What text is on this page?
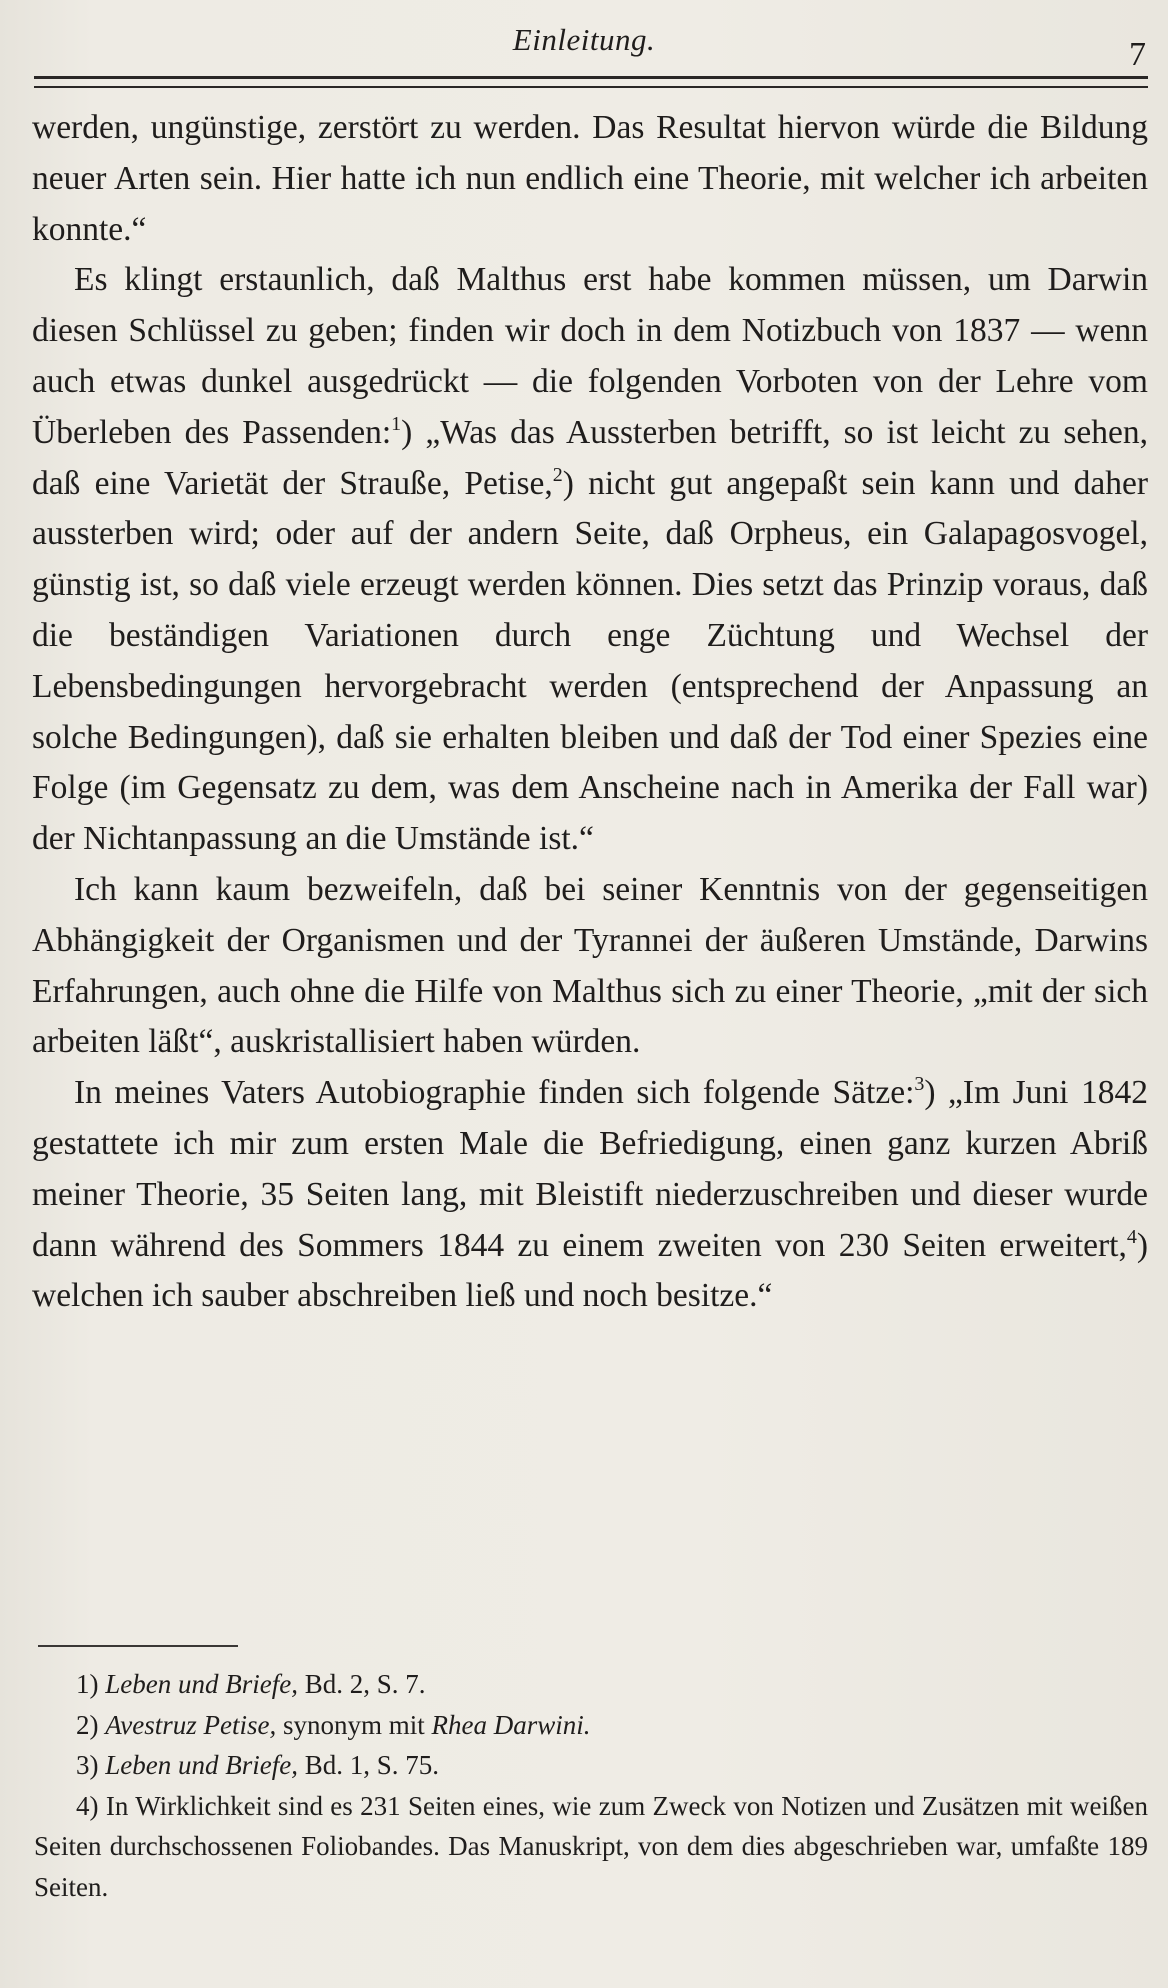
Einleitung.	7

werden, ungünstige, zerstört zu werden. Das Resultat hiervon würde die Bildung neuer Arten sein. Hier hatte ich nun endlich eine Theorie, mit welcher ich arbeiten konnte.“

Es klingt erstaunlich, daß Malthus erst habe kommen müssen, um Darwin diesen Schlüssel zu geben; finden wir doch in dem Notizbuch von 1837 — wenn auch etwas dunkel ausgedrückt — die folgenden Vorboten von der Lehre vom Überleben des Passenden:$^1$) „Was das Aussterben betrifft, so ist leicht zu sehen, daß eine Varietät der Strauße, Petise,$^2$) nicht gut angepaßt sein kann und daher aussterben wird; oder auf der andern Seite, daß Orpheus, ein Galapagosvogel, günstig ist, so daß viele erzeugt werden können. Dies setzt das Prinzip voraus, daß die beständigen Variationen durch enge Züchtung und Wechsel der Lebensbedingungen hervorgebracht werden (entsprechend der Anpassung an solche Bedingungen), daß sie erhalten bleiben und daß der Tod einer Spezies eine Folge (im Gegensatz zu dem, was dem Anscheine nach in Amerika der Fall war) der Nichtanpassung an die Umstände ist.“

Ich kann kaum bezweifeln, daß bei seiner Kenntnis von der gegenseitigen Abhängigkeit der Organismen und der Tyrannei der äußeren Umstände, Darwins Erfahrungen, auch ohne die Hilfe von Malthus sich zu einer Theorie, „mit der sich arbeiten läßt“, auskristallisiert haben würden.

In meines Vaters Autobiographie finden sich folgende Sätze:$^3$) „Im Juni 1842 gestattete ich mir zum ersten Male die Befriedigung, einen ganz kurzen Abriß meiner Theorie, 35 Seiten lang, mit Bleistift niederzuschreiben und dieser wurde dann während des Sommers 1844 zu einem zweiten von 230 Seiten erweitert,$^4$) welchen ich sauber abschreiben ließ und noch besitze.“

1) Leben und Briefe, Bd. 2, S. 7.

2) Avestruz Petise, synonym mit Rhea Darwini.

3) Leben und Briefe, Bd. 1, S. 75.

4) In Wirklichkeit sind es 231 Seiten eines, wie zum Zweck von Notizen und Zusätzen mit weißen Seiten durchschossenen Foliobandes. Das Manuskript, von dem dies abgeschrieben war, umfaßte 189 Seiten.
